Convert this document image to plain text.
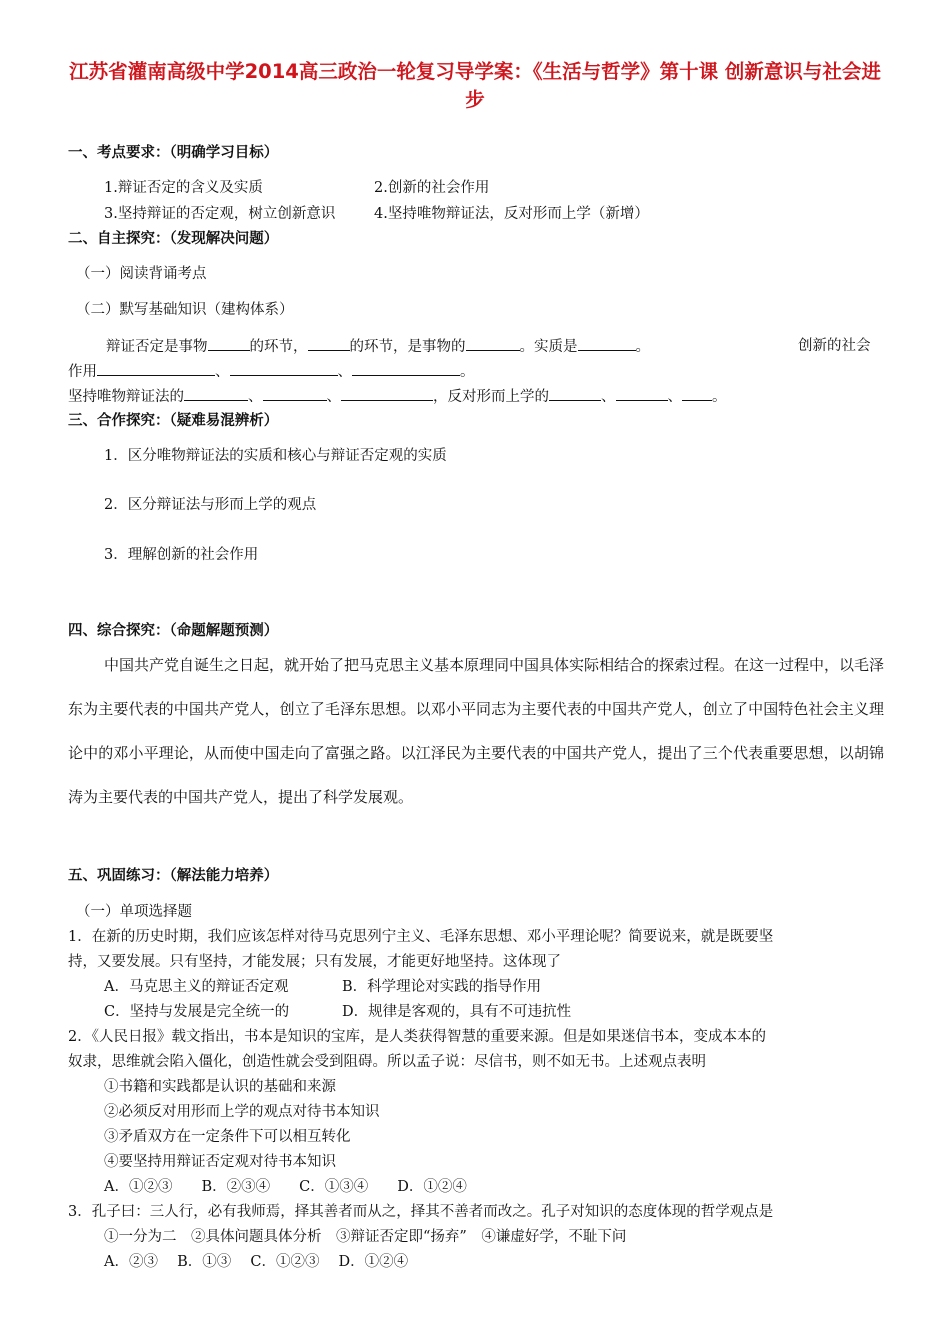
江苏省灌南高级中学2014高三政治一轮复习导学案：《生活与哲学》第十课 创新意识与社会进步
一、考点要求：（明确学习目标）
1.辩证否定的含义及实质	2.创新的社会作用
3.坚持辩证的否定观，树立创新意识	4.坚持唯物辩证法，反对形而上学（新增）
二、自主探究：（发现解决问题）
（一）阅读背诵考点
（二）默写基础知识（建构体系）
辩证否定是事物	的环节，	的环节，是事物的	。实质是	。	创新的社会
作用	、	、	。
坚持唯物辩证法的	、	、	，反对形而上学的	、	、 。
三、合作探究：（疑难易混辨析）
1．区分唯物辩证法的实质和核心与辩证否定观的实质
2．区分辩证法与形而上学的观点
3．理解创新的社会作用
四、综合探究：（命题解题预测）
中国共产党自诞生之日起，就开始了把马克思主义基本原理同中国具体实际相结合的探索过程。在这一过程中，以毛泽东为主要代表的中国共产党人，创立了毛泽东思想。以邓小平同志为主要代表的中国共产党人，创立了中国特色社会主义理论中的邓小平理论，从而使中国走向了富强之路。以江泽民为主要代表的中国共产党人，提出了三个代表重要思想，以胡锦涛为主要代表的中国共产党人，提出了科学发展观。
五、巩固练习：（解法能力培养）
（一）单项选择题
1．在新的历史时期，我们应该怎样对待马克思列宁主义、毛泽东思想、邓小平理论呢？简要说来，就是既要坚
持，又要发展。只有坚持，才能发展；只有发展，才能更好地坚持。这体现了
A．马克思主义的辩证否定观	B．科学理论对实践的指导作用
C．坚持与发展是完全统一的	D．规律是客观的，具有不可违抗性
2．《人民日报》载文指出，书本是知识的宝库，是人类获得智慧的重要来源。但是如果迷信书本，变成本本的
奴隶，思维就会陷入僵化，创造性就会受到阻碍。所以孟子说：尽信书，则不如无书。上述观点表明
①书籍和实践都是认识的基础和来源
②必须反对用形而上学的观点对待书本知识
③矛盾双方在一定条件下可以相互转化
④要坚持用辩证否定观对待书本知识
A．①②③　　B．②③④　　C．①③④　　D．①②④
3．孔子曰：三人行，必有我师焉，择其善者而从之，择其不善者而改之。孔子对知识的态度体现的哲学观点是
①一分为二　②具体问题具体分析　③辩证否定即“扬弃”　④谦虚好学，不耻下问
A．②③　 B．①③　 C．①②③　 D．①②④
